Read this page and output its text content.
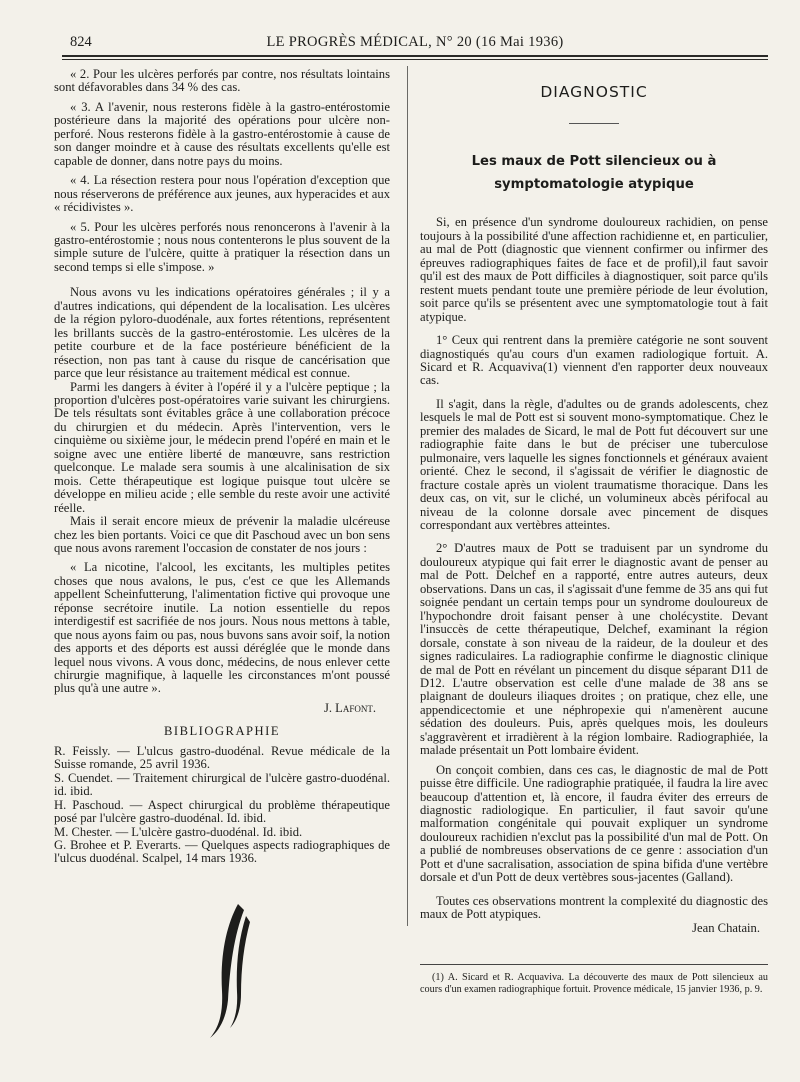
824	LE PROGRÈS MÉDICAL, N° 20 (16 Mai 1936)

« 2. Pour les ulcères perforés par contre, nos résultats lointains sont défavorables dans 34 % des cas.

« 3. A l'avenir, nous resterons fidèle à la gastro-entérostomie postérieure dans la majorité des opérations pour ulcère non-perforé. Nous resterons fidèle à la gastro-entérostomie à cause de son danger moindre et à cause des résultats excellents qu'elle est capable de donner, dans notre pays du moins.

« 4. La résection restera pour nous l'opération d'exception que nous réserverons de préférence aux jeunes, aux hyperacides et aux « récidivistes ».

« 5. Pour les ulcères perforés nous renoncerons à l'avenir à la gastro-entérostomie ; nous nous contenterons le plus souvent de la simple suture de l'ulcère, quitte à pratiquer la résection dans un second temps si elle s'impose. »

Nous avons vu les indications opératoires générales ; il y a d'autres indications, qui dépendent de la localisation. Les ulcères de la région pyloro-duodénale, aux fortes rétentions, représentent les brillants succès de la gastro-entérostomie. Les ulcères de la petite courbure et de la face postérieure bénéficient de la résection, non pas tant à cause du risque de cancérisation que parce que leur résistance au traitement médical est connue.

Parmi les dangers à éviter à l'opéré il y a l'ulcère peptique ; la proportion d'ulcères post-opératoires varie suivant les chirurgiens. De tels résultats sont évitables grâce à une collaboration précoce du chirurgien et du médecin. Après l'intervention, vers le cinquième ou sixième jour, le médecin prend l'opéré en main et le soigne avec une entière liberté de manœuvre, sans restriction quelconque. Le malade sera soumis à une alcalinisation de six mois. Cette thérapeutique est logique puisque tout ulcère se développe en milieu acide ; elle semble du reste avoir une activité réelle.

Mais il serait encore mieux de prévenir la maladie ulcéreuse chez les bien portants. Voici ce que dit Paschoud avec un bon sens que nous avons rarement l'occasion de constater de nos jours :

« La nicotine, l'alcool, les excitants, les multiples petites choses que nous avalons, le pus, c'est ce que les Allemands appellent Scheinfutterung, l'alimentation fictive qui provoque une réponse secrétoire inutile. La notion essentielle du repos interdigestif est sacrifiée de nos jours. Nous nous mettons à table, que nous ayons faim ou pas, nous buvons sans avoir soif, la notion des apports et des déports est aussi déréglée que le monde dans lequel nous vivons. A vous donc, médecins, de nous enlever cette chirurgie magnifique, à laquelle les circonstances m'ont poussé plus qu'à une autre ».

J. Lafont.

BIBLIOGRAPHIE

R. Feissly. — L'ulcus gastro-duodénal. Revue médicale de la Suisse romande, 25 avril 1936.

S. Cuendet. — Traitement chirurgical de l'ulcère gastro-duodénal. id. ibid.

H. Paschoud. — Aspect chirurgical du problème thérapeutique posé par l'ulcère gastro-duodénal. Id. ibid.

M. Chester. — L'ulcère gastro-duodénal. Id. ibid.

G. Brohee et P. Everarts. — Quelques aspects radiographiques de l'ulcus duodénal. Scalpel, 14 mars 1936.

DIAGNOSTIC

Les maux de Pott silencieux ou à symptomatologie atypique

Si, en présence d'un syndrome douloureux rachidien, on pense toujours à la possibilité d'une affection rachidienne et, en particulier, au mal de Pott (diagnostic que viennent confirmer ou infirmer des épreuves radiographiques faites de face et de profil),il faut savoir qu'il est des maux de Pott difficiles à diagnostiquer, soit parce qu'ils restent muets pendant toute une première période de leur évolution, soit parce qu'ils se présentent avec une symptomatologie tout à fait atypique.

1° Ceux qui rentrent dans la première catégorie ne sont souvent diagnostiqués qu'au cours d'un examen radiologique fortuit. A. Sicard et R. Acquaviva(1) viennent d'en rapporter deux nouveaux cas.

Il s'agit, dans la règle, d'adultes ou de grands adolescents, chez lesquels le mal de Pott est si souvent mono-symptomatique. Chez le premier des malades de Sicard, le mal de Pott fut découvert sur une radiographie faite dans le but de préciser une tuberculose pulmonaire, vers laquelle les signes fonctionnels et généraux avaient orienté. Chez le second, il s'agissait de vérifier le diagnostic de fracture costale après un violent traumatisme thoracique. Dans les deux cas, on vit, sur le cliché, un volumineux abcès périfocal au niveau de la colonne dorsale avec pincement de disques correspondant aux vertèbres atteintes.

2° D'autres maux de Pott se traduisent par un syndrome du douloureux atypique qui fait errer le diagnostic avant de penser au mal de Pott. Delchef en a rapporté, entre autres auteurs, deux observations. Dans un cas, il s'agissait d'une femme de 35 ans qui fut soignée pendant un certain temps pour un syndrome douloureux de l'hypochondre droit faisant penser à une cholécystite. Devant l'insuccès de cette thérapeutique, Delchef, examinant la région dorsale, constate à son niveau de la raideur, de la douleur et des signes radiculaires. La radiographie confirme le diagnostic clinique de mal de Pott en révélant un pincement du disque séparant D11 de D12. L'autre observation est celle d'une malade de 38 ans se plaignant de douleurs iliaques droites ; on pratique, chez elle, une appendicectomie et une néphropexie qui n'amenèrent aucune sédation des douleurs. Puis, après quelques mois, les douleurs s'aggravèrent et irradièrent à la région lombaire. Radiographiée, la malade présentait un Pott lombaire évident.

On conçoit combien, dans ces cas, le diagnostic de mal de Pott puisse être difficile. Une radiographie pratiquée, il faudra la lire avec beaucoup d'attention et, là encore, il faudra éviter des erreurs de diagnostic radiologique. En particulier, il faut savoir qu'une malformation congénitale qui pouvait expliquer un syndrome douloureux rachidien n'exclut pas la possibilité d'un mal de Pott. On a publié de nombreuses observations de ce genre : association d'un Pott et d'une sacralisation, association de spina bifida d'une vertèbre dorsale et d'un Pott de deux vertèbres sous-jacentes (Galland).

Toutes ces observations montrent la complexité du diagnostic des maux de Pott atypiques.

Jean Chatain.

(1) A. Sicard et R. Acquaviva. La découverte des maux de Pott silencieux au cours d'un examen radiographique fortuit. Provence médicale, 15 janvier 1936, p. 9.
